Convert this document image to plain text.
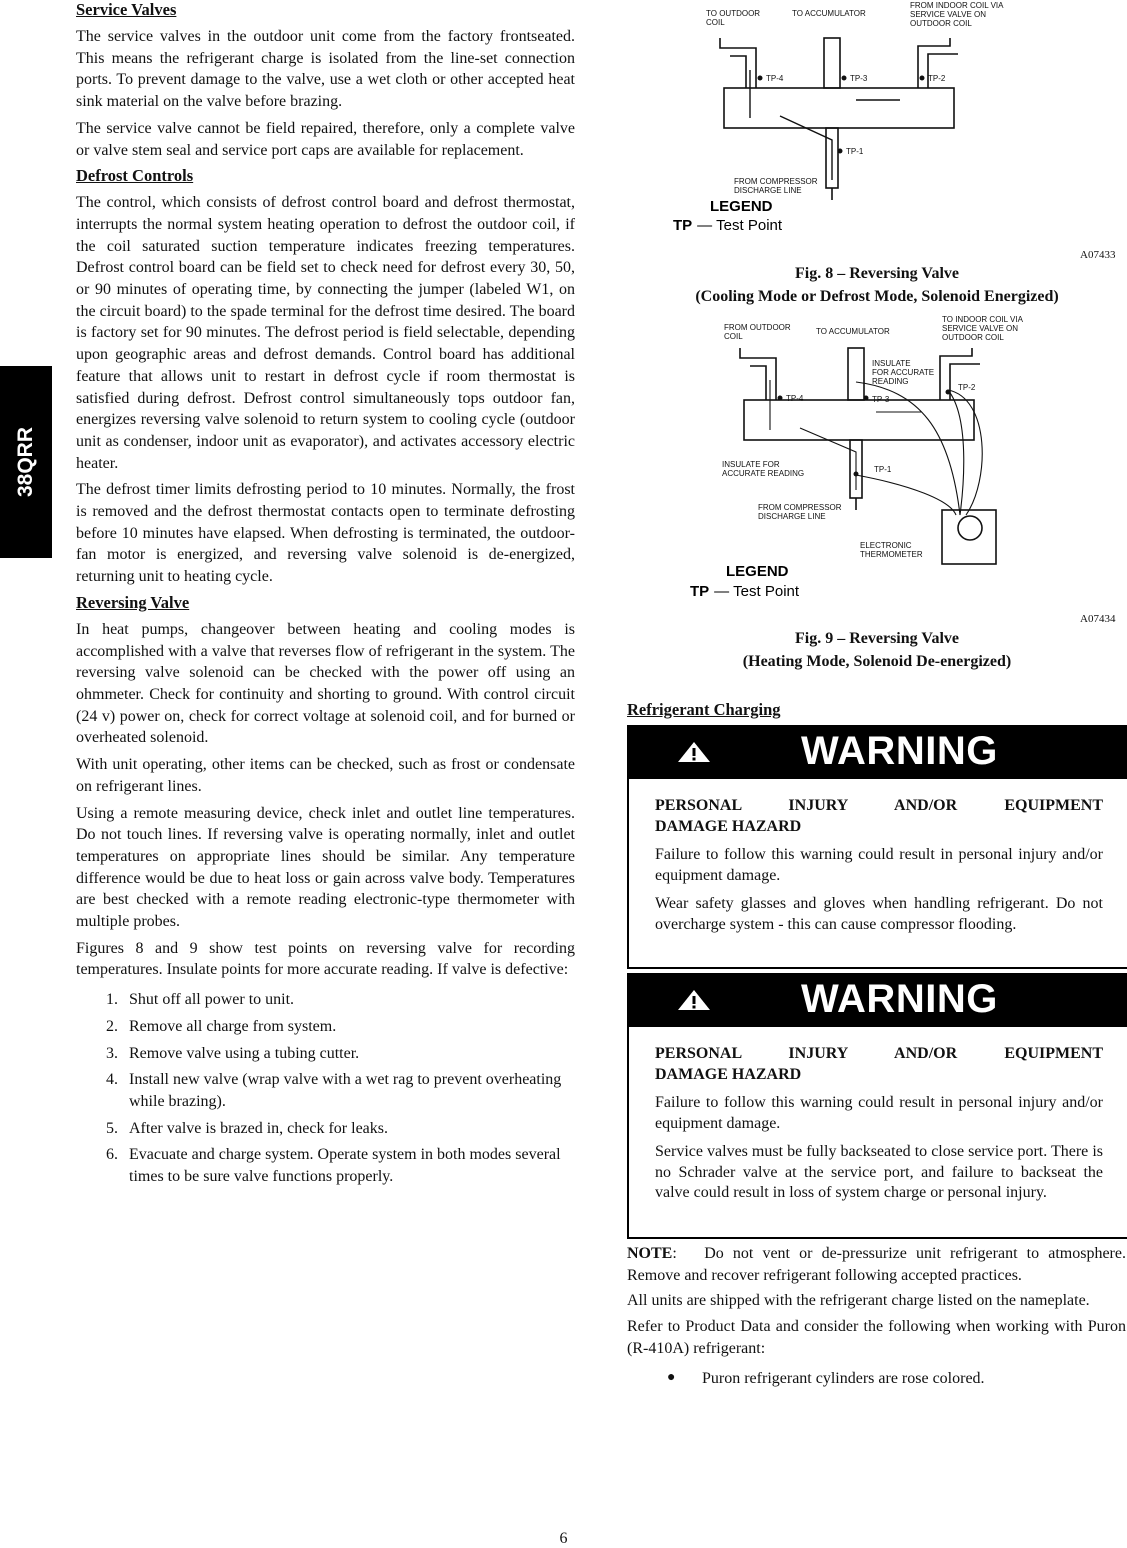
38QRR
Service Valves

The service valves in the outdoor unit come from the factory frontseated. This means the refrigerant charge is isolated from the line-set connection ports. To prevent damage to the valve, use a wet cloth or other accepted heat sink material on the valve before brazing.

The service valve cannot be field repaired, therefore, only a complete valve or valve stem seal and service port caps are available for replacement.

Defrost Controls

The control, which consists of defrost control board and defrost thermostat, interrupts the normal system heating operation to defrost the outdoor coil, if the coil saturated suction temperature indicates freezing temperatures. Defrost control board can be field set to check need for defrost every 30, 50, or 90 minutes of operating time, by connecting the jumper (labeled W1, on the circuit board) to the spade terminal for the defrost time desired. The board is factory set for 90 minutes. The defrost period is field selectable, depending upon geographic areas and defrost demands. Control board has additional feature that allows unit to restart in defrost cycle if room thermostat is satisfied during defrost. Defrost control simultaneously tops outdoor fan, energizes reversing valve solenoid to return system to cooling cycle (outdoor unit as condenser, indoor unit as evaporator), and activates accessory electric heater.

The defrost timer limits defrosting period to 10 minutes. Normally, the frost is removed and the defrost thermostat contacts open to terminate defrosting before 10 minutes have elapsed. When defrosting is terminated, the outdoor-fan motor is energized, and reversing valve solenoid is de-energized, returning unit to heating cycle.

Reversing Valve

In heat pumps, changeover between heating and cooling modes is accomplished with a valve that reverses flow of refrigerant in the system. The reversing valve solenoid can be checked with the power off using an ohmmeter. Check for continuity and shorting to ground. With control circuit (24 v) power on, check for correct voltage at solenoid coil, and for burned or overheated solenoid.

With unit operating, other items can be checked, such as frost or condensate on refrigerant lines.

Using a remote measuring device, check inlet and outlet line temperatures. Do not touch lines. If reversing valve is operating normally, inlet and outlet temperatures on appropriate lines should be similar. Any temperature difference would be due to heat loss or gain across valve body. Temperatures are best checked with a remote reading electronic-type thermometer with multiple probes.

Figures 8 and 9 show test points on reversing valve for recording temperatures. Insulate points for more accurate reading. If valve is defective:

1. Shut off all power to unit.
2. Remove all charge from system.
3. Remove valve using a tubing cutter.
4. Install new valve (wrap valve with a wet rag to prevent overheating while brazing).
5. After valve is brazed in, check for leaks.
6. Evacuate and charge system. Operate system in both modes several times to be sure valve functions properly.
TO OUTDOOR
COIL
TO ACCUMULATOR
FROM INDOOR COIL VIA
SERVICE VALVE ON
OUTDOOR COIL
TP-4	TP-3	TP-2
TP-1
FROM COMPRESSOR
DISCHARGE LINE
LEGEND
TP — Test Point
A07433
Fig. 8 – Reversing Valve
(Cooling Mode or Defrost Mode, Solenoid Energized)
FROM OUTDOOR
COIL
TO ACCUMULATOR
TO INDOOR COIL VIA
SERVICE VALVE ON
OUTDOOR COIL
INSULATE
FOR ACCURATE
READING
INSULATE FOR
ACCURATE READING
TP-4	TP-3
TP-2
TP-1
FROM COMPRESSOR
DISCHARGE LINE
ELECTRONIC
THERMOMETER
LEGEND
TP — Test Point
A07434
Fig. 9 – Reversing Valve
(Heating Mode, Solenoid De-energized)
Refrigerant Charging
WARNING

PERSONAL INJURY AND/OR EQUIPMENT

DAMAGE HAZARD

Failure to follow this warning could result in personal injury and/or equipment damage.

Wear safety glasses and gloves when handling refrigerant. Do not overcharge system - this can cause compressor flooding.

WARNING

PERSONAL INJURY AND/OR EQUIPMENT

DAMAGE HAZARD

Failure to follow this warning could result in personal injury and/or equipment damage.

Service valves must be fully backseated to close service port. There is no Schrader valve at the service port, and failure to backseat the valve could result in loss of system charge or personal injury.

NOTE:   Do not vent or de-pressurize unit refrigerant to atmosphere. Remove and recover refrigerant following accepted practices.

All units are shipped with the refrigerant charge listed on the nameplate.

Refer to Product Data and consider the following when working with Puron (R-410A) refrigerant:

● Puron refrigerant cylinders are rose colored.
6
